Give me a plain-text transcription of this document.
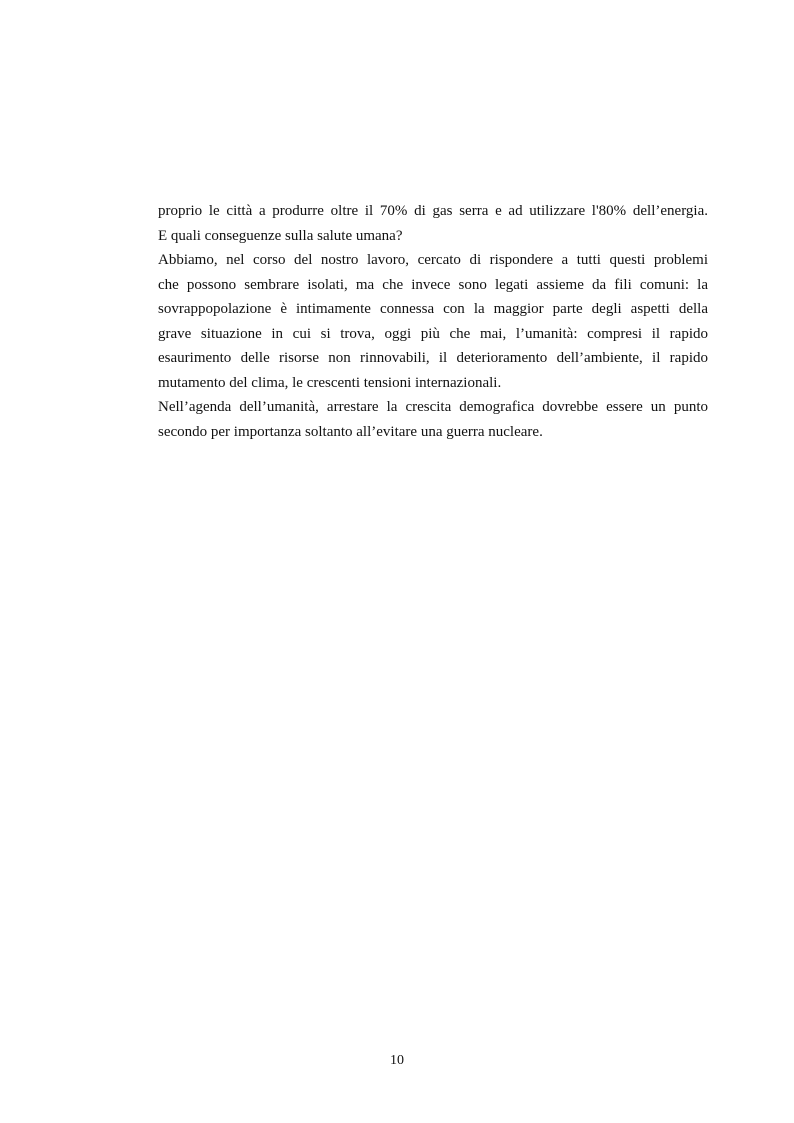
proprio le città a produrre oltre il 70% di gas serra e ad utilizzare l'80% dell’energia.
E quali conseguenze sulla salute umana?
Abbiamo, nel corso del nostro lavoro, cercato di rispondere a tutti questi problemi
che possono sembrare isolati, ma che invece sono legati assieme da fili comuni: la
sovrappopolazione è intimamente connessa con la maggior parte degli aspetti della
grave situazione in cui si trova, oggi più che mai, l’umanità: compresi il rapido
esaurimento delle risorse non rinnovabili, il deterioramento dell’ambiente, il rapido
mutamento del clima, le crescenti tensioni internazionali.
Nell’agenda dell’umanità, arrestare la crescita demografica dovrebbe essere un punto
secondo per importanza soltanto all’evitare una guerra nucleare.
10
